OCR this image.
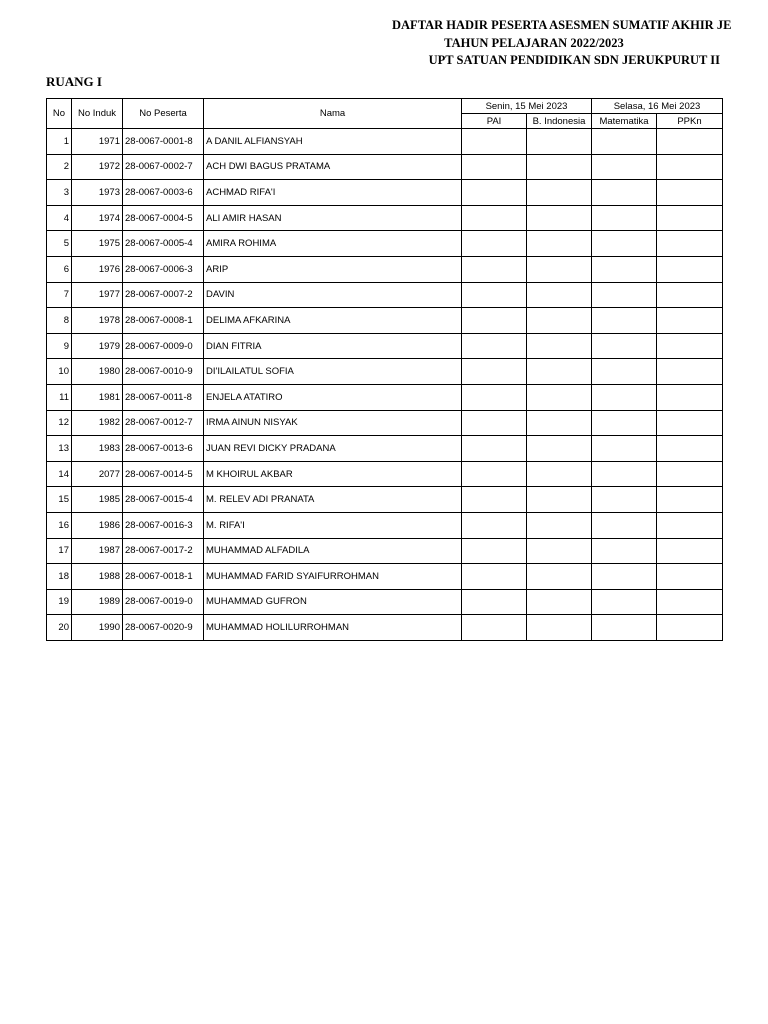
DAFTAR HADIR PESERTA ASESMEN SUMATIF AKHIR JE
TAHUN PELAJARAN 2022/2023
UPT SATUAN PENDIDIKAN SDN JERUKPURUT II
RUANG I
No	No Induk	No Peserta	Nama	Senin, 15 Mei 2023		Selasa, 16 Mei 2023	
				PAI	B. Indonesia	Matematika	PPKn
1	1971	28-0067-0001-8	A DANIL ALFIANSYAH				
2	1972	28-0067-0002-7	ACH DWI BAGUS PRATAMA				
3	1973	28-0067-0003-6	ACHMAD RIFA'I				
4	1974	28-0067-0004-5	ALI AMIR HASAN				
5	1975	28-0067-0005-4	AMIRA ROHIMA				
6	1976	28-0067-0006-3	ARIP				
7	1977	28-0067-0007-2	DAVIN				
8	1978	28-0067-0008-1	DELIMA AFKARINA				
9	1979	28-0067-0009-0	DIAN FITRIA				
10	1980	28-0067-0010-9	DI'ILAILATUL SOFIA				
11	1981	28-0067-0011-8	ENJELA ATATIRO				
12	1982	28-0067-0012-7	IRMA AINUN NISYAK				
13	1983	28-0067-0013-6	JUAN REVI DICKY PRADANA				
14	2077	28-0067-0014-5	M KHOIRUL AKBAR				
15	1985	28-0067-0015-4	M. RELEV ADI PRANATA				
16	1986	28-0067-0016-3	M. RIFA'I				
17	1987	28-0067-0017-2	MUHAMMAD ALFADILA				
18	1988	28-0067-0018-1	MUHAMMAD FARID SYAIFURROHMAN				
19	1989	28-0067-0019-0	MUHAMMAD GUFRON				
20	1990	28-0067-0020-9	MUHAMMAD HOLILURROHMAN				
